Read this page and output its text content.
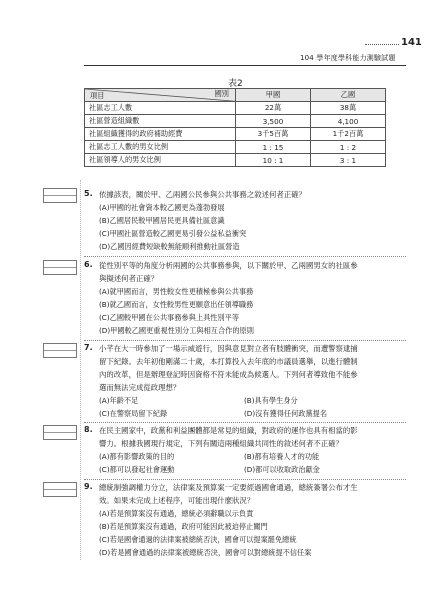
141
104 學年度學科能力測驗試題
表2
國別
項目	甲國	乙國
社區志工人數	22萬	38萬
社區營造組織數	3,500	4,100
社區組織獲得的政府補助經費	3千5百萬	1千2百萬
社區志工人數的男女比例	1 : 15	1 : 2
社區領導人的男女比例	10 : 1	3 : 1
5. 依據該表，關於甲、乙兩國公民參與公共事務之敘述何者正確？
(A)甲國的社會資本較乙國更為蓬勃發展
(B)乙國居民較甲國居民更具備社區意識
(C)甲國社區營造較乙國更易引發公益私益衝突
(D)乙國因經費短缺較無能順利推動社區營造
6. 從性別平等的角度分析兩國的公共事務參與，以下關於甲、乙兩國男女的社區參
與擬述何者正確？
(A)就甲國而言，男性較女性更積極參與公共事務
(B)就乙國而言，女性較男性更願意出任領導職務
(C)乙國較甲國在公共事務參與上具性別平等
(D)甲國較乙國更重視性別分工與相互合作的原則
7. 小芊在大一時參加了一場示威遊行，因與意見對立者有肢體衝突，而遭警察逮捕
留下紀錄。去年初他剛滿二十歲，本打算投入去年底的市議員選舉，以進行體制
內的改革，但是辦理登記時因資格不符未能成為候選人。下列何者導致他不能參
選而無法完成從政理想？
(A)年齡不足	(B)具有學生身分
(C)在警察局留下紀錄	(D)沒有獲得任何政黨提名
8. 在民主國家中，政黨和利益團體都是常見的組織，對政府的運作也具有相當的影
響力。根據我國現行規定，下列有關這兩種組織共同性的敘述何者不正確？
(A)都有影響政策的目的	(B)都有培養人才的功能
(C)都可以發起社會運動	(D)都可以收取政治獻金
9. 總統制強調權力分立，法律案及預算案一定要經過國會通過，總統簽署公布才生
效。如果未完成上述程序，可能出現什麼狀況？
(A)若是預算案沒有通過，總統必須辭職以示負責
(B)若是預算案沒有通過，政府可能因此被迫停止關門
(C)若是國會通過的法律案被總統否決，國會可以提案罷免總統
(D)若是國會通過的法律案被總統否決，國會可以對總統提不信任案
